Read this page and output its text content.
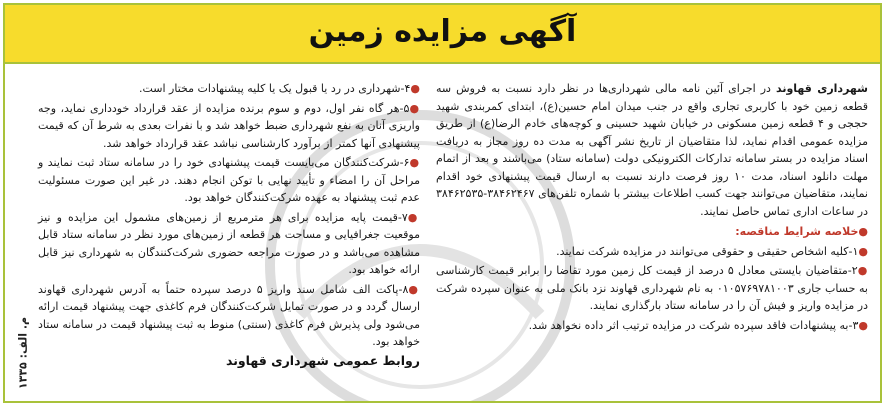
آگهی مزایده زمین

شهرداری قهاوند در اجرای آئین نامه مالی شهرداری‌ها در نظر دارد نسبت به فروش سه قطعه زمین خود با کاربری تجاری واقع در جنب میدان امام حسین(ع)، ابتدای کمربندی شهید حججی و ۴ قطعه زمین مسکونی در خیابان شهید حسینی و کوچه‌های خادم الرضا(ع) از طریق مزایده عمومی اقدام نماید، لذا متقاضیان از تاریخ نشر آگهی به مدت ده روز مجاز به دریافت اسناد مزایده در بستر سامانه تدارکات الکترونیکی دولت (سامانه ستاد) می‌باشند و بعد از اتمام مهلت دانلود اسناد، مدت ۱۰ روز فرصت دارند نسبت به ارسال قیمت پیشنهادی خود اقدام نمایند، متقاضیان می‌توانند جهت کسب اطلاعات بیشتر با شماره تلفن‌های ۳۸۴۶۲۴۶۷-۳۸۴۶۲۵۳۵ در ساعات اداری تماس حاصل نمایند.

●خلاصه شرایط مناقصه:

●۱-کلیه اشخاص حقیقی و حقوقی می‌توانند در مزایده شرکت نمایند.

●۲-متقاضیان بایستی معادل ۵ درصد از قیمت کل زمین مورد تقاضا را برابر قیمت کارشناسی به حساب جاری ۰۱۰۵۷۶۹۷۸۱۰۰۳ به نام شهرداری قهاوند نزد بانک ملی به عنوان سپرده شرکت در مزایده واریز و فیش آن را در سامانه ستاد بارگذاری نمایند.

●۳-به پیشنهادات فاقد سپرده شرکت در مزایده ترتیب اثر داده نخواهد شد.

●۴-شهرداری در رد یا قبول یک یا کلیه پیشنهادات مختار است.

●۵-هر گاه نفر اول، دوم و سوم برنده مزایده از عقد قرارداد خودداری نماید، وجه واریزی آنان به نفع شهرداری ضبط خواهد شد و با نفرات بعدی به شرط آن که قیمت پیشنهادی آنها کمتر از برآورد کارشناسی نباشد عقد قرارداد خواهد شد.

●۶-شرکت‌کنندگان می‌بایست قیمت پیشنهادی خود را در سامانه ستاد ثبت نمایند و مراحل آن را امضاء و تأیید نهایی با توکن انجام دهند. در غیر این صورت مسئولیت عدم ثبت پیشنهاد به عهده شرکت‌کنندگان خواهد بود.

●۷-قیمت پایه مزایده برای هر مترمربع از زمین‌های مشمول این مزایده و نیز موقعیت جغرافیایی و مساحت هر قطعه از زمین‌های مورد نظر در سامانه ستاد قابل مشاهده می‌باشد و در صورت مراجعه حضوری شرکت‌کنندگان به شهرداری نیز قابل ارائه خواهد بود.

●۸-پاکت الف شامل سند واریز ۵ درصد سپرده حتماً به آدرس شهرداری قهاوند ارسال گردد و در صورت تمایل شرکت‌کنندگان فرم کاغذی جهت پیشنهاد قیمت ارائه می‌شود ولی پذیرش فرم کاغذی (سنتی) منوط به ثبت پیشنهاد قیمت در سامانه ستاد خواهد بود.

روابط عمومی شهرداری قهاوند
م. الف: ۱۳۳۵
